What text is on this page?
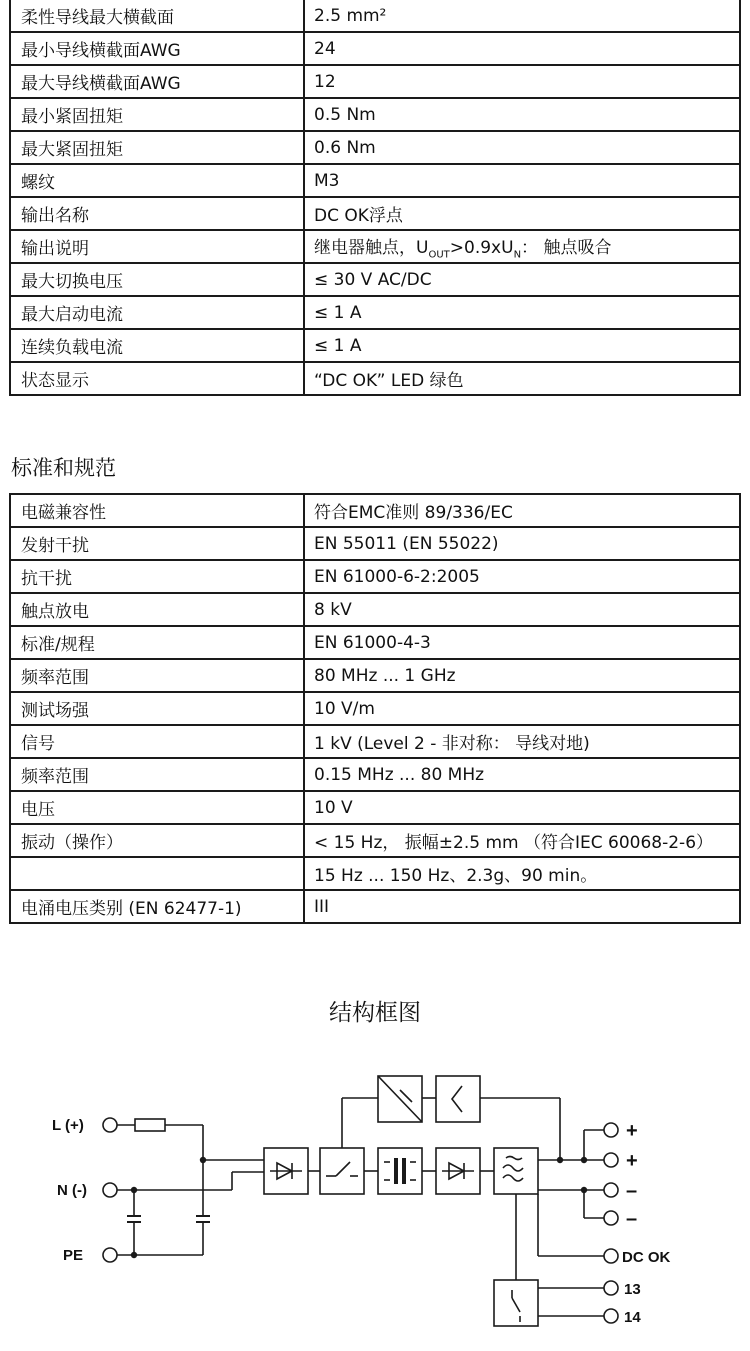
柔性导线最大横截面	2.5 mm²
最小导线横截面AWG	24
最大导线横截面AWG	12
最小紧固扭矩	0.5 Nm
最大紧固扭矩	0.6 Nm
螺纹	M3
输出名称	DC OK浮点
输出说明	继电器触点，$U_{OUT}>0.9xU_N$： 触点吸合
最大切换电压	≤ 30 V AC/DC
最大启动电流	≤ 1 A
连续负载电流	≤ 1 A
状态显示	“DC OK” LED 绿色
标准和规范
电磁兼容性	符合EMC准则 89/336/EC
发射干扰	EN 55011 (EN 55022)
抗干扰	EN 61000-6-2:2005
触点放电	8 kV
标准/规程	EN 61000-4-3
频率范围	80 MHz ... 1 GHz
测试场强	10 V/m
信号	1 kV (Level 2 - 非对称： 导线对地)
频率范围	0.15 MHz ... 80 MHz
电压	10 V
振动（操作）	< 15 Hz， 振幅±2.5 mm （符合IEC 60068-2-6）
	15 Hz ... 150 Hz、2.3g、90 min。
电涌电压类别 (EN 62477-1)	III
结构框图
L (+)
N (-)
PE
+
+
–
–
DC OK
13
14
